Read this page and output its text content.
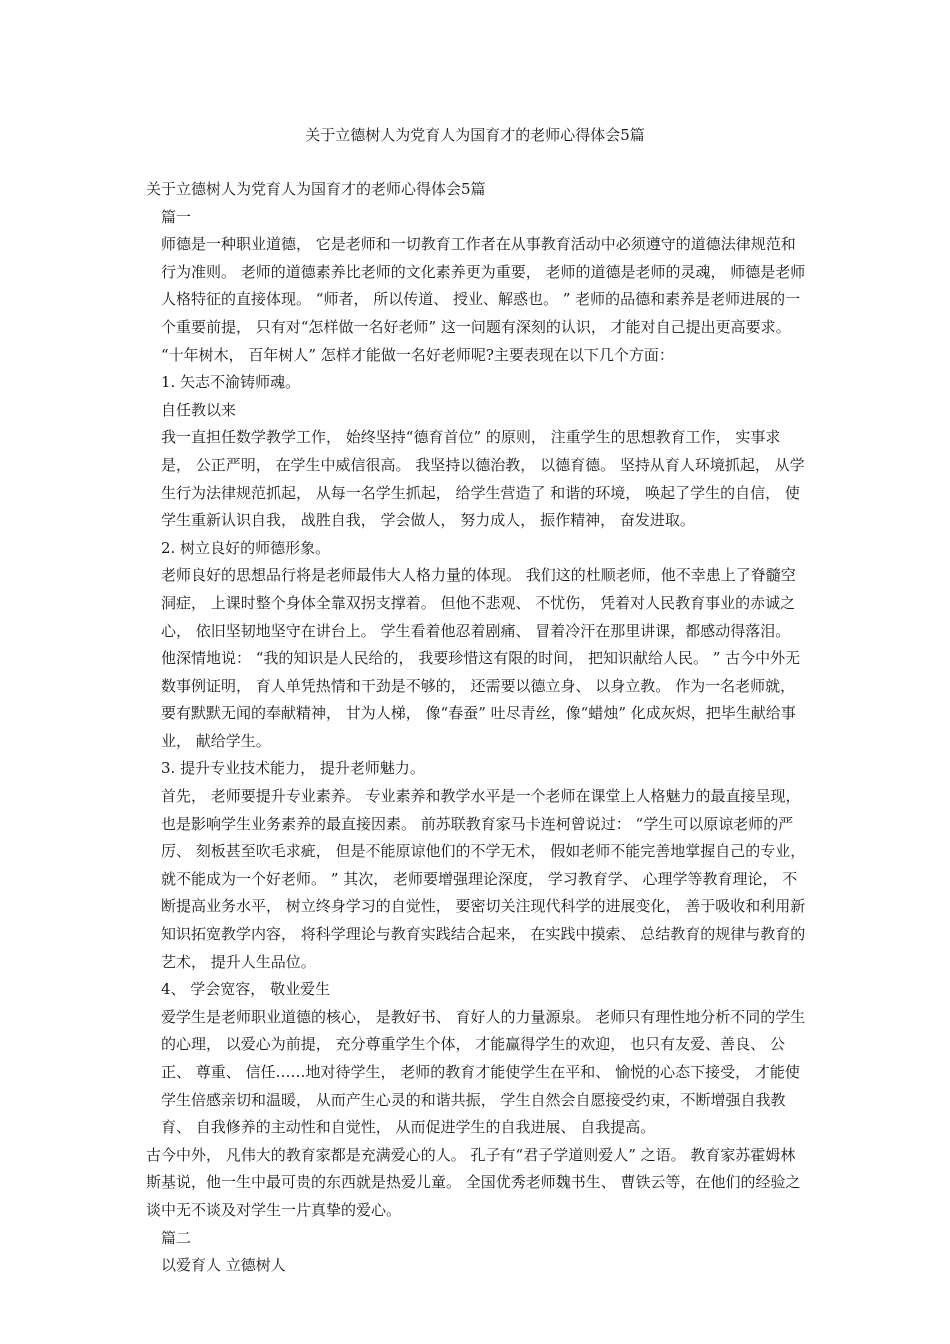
关于立德树人为党育人为国育才的老师心得体会5篇

关于立德树人为党育人为国育才的老师心得体会5篇

篇一

师德是一种职业道德， 它是老师和一切教育工作者在从事教育活动中必须遵守的道德法律规范和行为准则。 老师的道德素养比老师的文化素养更为重要， 老师的道德是老师的灵魂， 师德是老师人格特征的直接体现。 “师者， 所以传道、 授业、解惑也。 ” 老师的品德和素养是老师进展的一个重要前提， 只有对“怎样做一名好老师” 这一问题有深刻的认识， 才能对自己提出更高要求。 “十年树木， 百年树人” 怎样才能做一名好老师呢?主要表现在以下几个方面：

1. 矢志不渝铸师魂。

自任教以来

我一直担任数学教学工作， 始终坚持“德育首位” 的原则， 注重学生的思想教育工作， 实事求是， 公正严明， 在学生中威信很高。 我坚持以德治教， 以德育德。 坚持从育人环境抓起， 从学生行为法律规范抓起， 从每一名学生抓起， 给学生营造了 和谐的环境， 唤起了学生的自信， 使学生重新认识自我， 战胜自我， 学会做人， 努力成人， 振作精神， 奋发进取。

2. 树立良好的师德形象。

老师良好的思想品行将是老师最伟大人格力量的体现。 我们这的杜顺老师，他不幸患上了脊髓空洞症， 上课时整个身体全靠双拐支撑着。 但他不悲观、 不忧伤， 凭着对人民教育事业的赤诚之心， 依旧坚韧地坚守在讲台上。 学生看着他忍着剧痛、 冒着冷汗在那里讲课，都感动得落泪。 他深情地说： “我的知识是人民给的， 我要珍惜这有限的时间， 把知识献给人民。 ” 古今中外无数事例证明， 育人单凭热情和干劲是不够的， 还需要以德立身、 以身立教。 作为一名老师就， 要有默默无闻的奉献精神， 甘为人梯， 像“春蚕” 吐尽青丝，像“蜡烛” 化成灰烬，把毕生献给事业， 献给学生。

3. 提升专业技术能力， 提升老师魅力。

首先， 老师要提升专业素养。 专业素养和教学水平是一个老师在课堂上人格魅力的最直接呈现， 也是影响学生业务素养的最直接因素。 前苏联教育家马卡连柯曾说过： “学生可以原谅老师的严厉、 刻板甚至吹毛求疵， 但是不能原谅他们的不学无术， 假如老师不能完善地掌握自己的专业， 就不能成为一个好老师。 ” 其次， 老师要增强理论深度， 学习教育学、 心理学等教育理论， 不断提高业务水平， 树立终身学习的自觉性， 要密切关注现代科学的进展变化， 善于吸收和利用新知识拓宽教学内容， 将科学理论与教育实践结合起来， 在实践中摸索、 总结教育的规律与教育的艺术， 提升人生品位。

4、 学会宽容， 敬业爱生

爱学生是老师职业道德的核心， 是教好书、 育好人的力量源泉。 老师只有理性地分析不同的学生的心理， 以爱心为前提， 充分尊重学生个体， 才能赢得学生的欢迎， 也只有友爱、善良、 公正、 尊重、 信任……地对待学生， 老师的教育才能使学生在平和、 愉悦的心态下接受， 才能使学生倍感亲切和温暖， 从而产生心灵的和谐共振， 学生自然会自愿接受约束，不断增强自我教育、 自我修养的主动性和自觉性， 从而促进学生的自我进展、 自我提高。

古今中外， 凡伟大的教育家都是充满爱心的人。 孔子有“君子学道则爱人” 之语。 教育家苏霍姆林斯基说，他一生中最可贵的东西就是热爱儿童。 全国优秀老师魏书生、 曹铁云等，在他们的经验之谈中无不谈及对学生一片真挚的爱心。

篇二

以爱育人 立德树人
